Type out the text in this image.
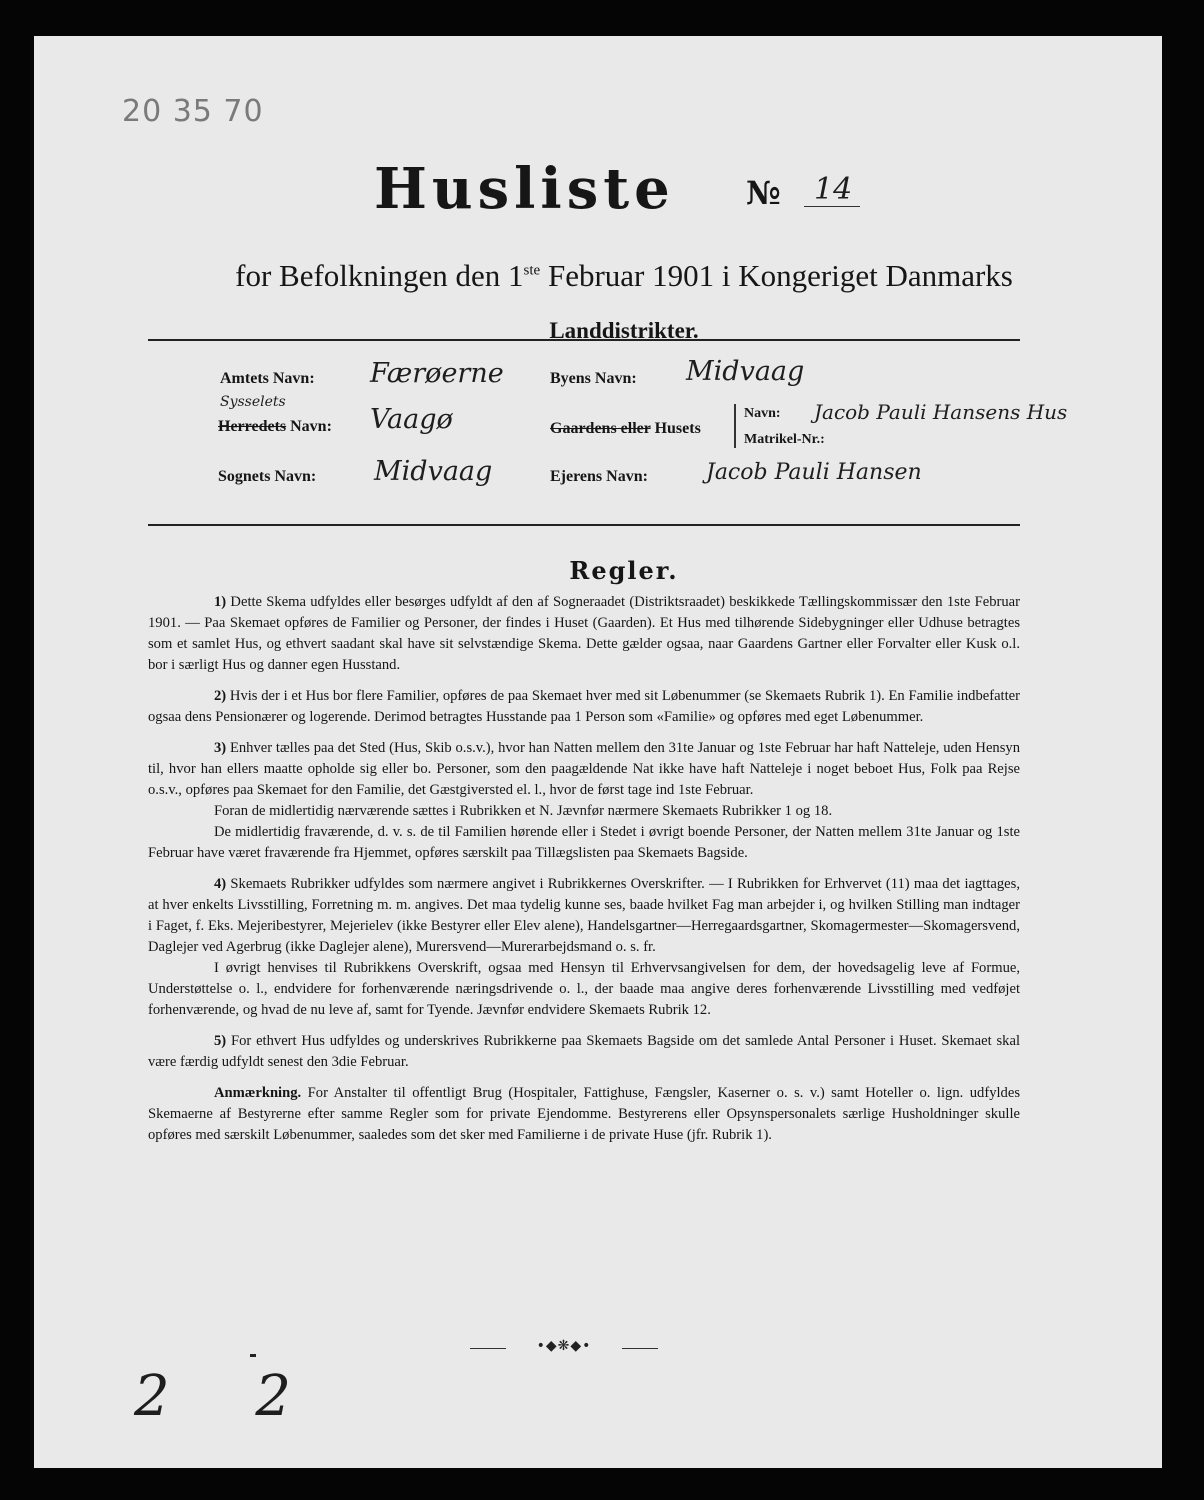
20 35 70
Husliste № 14
for Befolkningen den 1ste Februar 1901 i Kongeriget Danmarks
Landdistrikter.
Amtets Navn: Færøerne
Sysselets
Herredets Navn: Vaagø
Sognets Navn: Midvaag
Byens Navn: Midvaag
Gaardens eller Husets
Navn: Jacob Pauli Hansens Hus
Matrikel-Nr.:
Ejerens Navn:	Jacob Pauli Hansen
Regler.

1) Dette Skema udfyldes eller besørges udfyldt af den af Sogneraadet (Distriktsraadet) beskikkede Tællingskommissær den 1ste Februar 1901. — Paa Skemaet opføres de Familier og Personer, der findes i Huset (Gaarden). Et Hus med tilhørende Sidebygninger eller Udhuse betragtes som et samlet Hus, og ethvert saadant skal have sit selvstændige Skema. Dette gælder ogsaa, naar Gaardens Gartner eller Forvalter eller Kusk o.l. bor i særligt Hus og danner egen Husstand.

2) Hvis der i et Hus bor flere Familier, opføres de paa Skemaet hver med sit Løbenummer (se Skemaets Rubrik 1). En Familie indbefatter ogsaa dens Pensionærer og logerende. Derimod betragtes Husstande paa 1 Person som «Familie» og opføres med eget Løbenummer.

3) Enhver tælles paa det Sted (Hus, Skib o.s.v.), hvor han Natten mellem den 31te Januar og 1ste Februar har haft Natteleje, uden Hensyn til, hvor han ellers maatte opholde sig eller bo. Personer, som den paagældende Nat ikke have haft Natteleje i noget beboet Hus, Folk paa Rejse o.s.v., opføres paa Skemaet for den Familie, det Gæstgiversted el. l., hvor de først tage ind 1ste Februar.

Foran de midlertidig nærværende sættes i Rubrikken et N. Jævnfør nærmere Skemaets Rubrikker 1 og 18.

De midlertidig fraværende, d. v. s. de til Familien hørende eller i Stedet i øvrigt boende Personer, der Natten mellem 31te Januar og 1ste Februar have været fraværende fra Hjemmet, opføres særskilt paa Tillægslisten paa Skemaets Bagside.

4) Skemaets Rubrikker udfyldes som nærmere angivet i Rubrikkernes Overskrifter. — I Rubrikken for Erhvervet (11) maa det iagttages, at hver enkelts Livsstilling, Forretning m. m. angives. Det maa tydelig kunne ses, baade hvilket Fag man arbejder i, og hvilken Stilling man indtager i Faget, f. Eks. Mejeribestyrer, Mejerielev (ikke Bestyrer eller Elev alene), Handelsgartner—Herregaardsgartner, Skomagermester—Skomagersvend, Daglejer ved Agerbrug (ikke Daglejer alene), Murersvend—Murerarbejdsmand o. s. fr.

I øvrigt henvises til Rubrikkens Overskrift, ogsaa med Hensyn til Erhvervsangivelsen for dem, der hovedsagelig leve af Formue, Understøttelse o. l., endvidere for forhenværende næringsdrivende o. l., der baade maa angive deres forhenværende Livsstilling med vedføjet forhenværende, og hvad de nu leve af, samt for Tyende. Jævnfør endvidere Skemaets Rubrik 12.

5) For ethvert Hus udfyldes og underskrives Rubrikkerne paa Skemaets Bagside om det samlede Antal Personer i Huset. Skemaet skal være færdig udfyldt senest den 3die Februar.

Anmærkning. For Anstalter til offentligt Brug (Hospitaler, Fattighuse, Fængsler, Kaserner o. s. v.) samt Hoteller o. lign. udfyldes Skemaerne af Bestyrerne efter samme Regler som for private Ejendomme. Bestyrerens eller Opsynspersonalets særlige Husholdninger skulle opføres med særskilt Løbenummer, saaledes som det sker med Familierne i de private Huse (jfr. Rubrik 1).

•◆❋◆•
2 2
